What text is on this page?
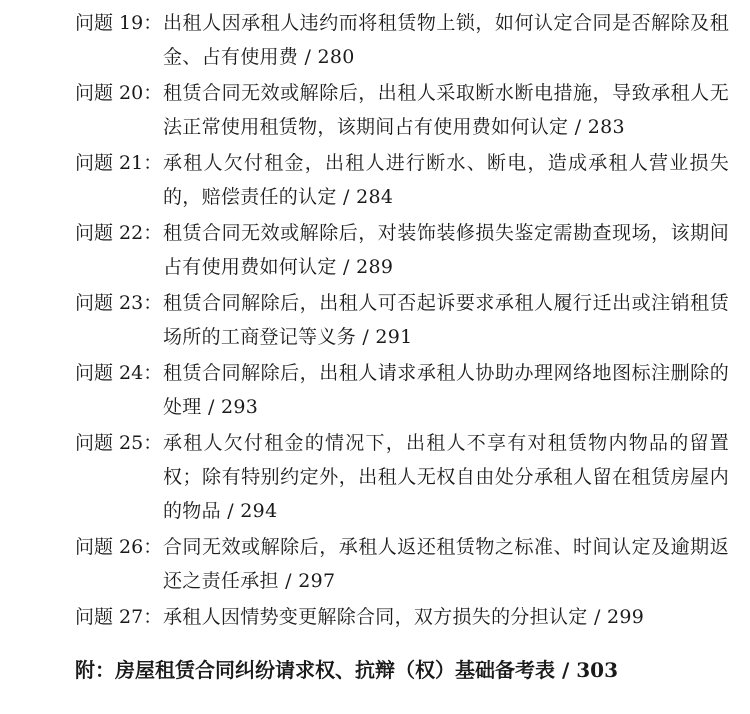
问题 19： 出租人因承租人违约而将租赁物上锁，如何认定合同是否解除及租金、占有使用费 / 280
问题 20： 租赁合同无效或解除后，出租人采取断水断电措施，导致承租人无法正常使用租赁物，该期间占有使用费如何认定 / 283
问题 21： 承租人欠付租金，出租人进行断水、断电，造成承租人营业损失的，赔偿责任的认定 / 284
问题 22： 租赁合同无效或解除后，对装饰装修损失鉴定需勘查现场，该期间占有使用费如何认定 / 289
问题 23： 租赁合同解除后，出租人可否起诉要求承租人履行迁出或注销租赁场所的工商登记等义务 / 291
问题 24： 租赁合同解除后，出租人请求承租人协助办理网络地图标注删除的处理 / 293
问题 25： 承租人欠付租金的情况下，出租人不享有对租赁物内物品的留置权；除有特别约定外，出租人无权自由处分承租人留在租赁房屋内的物品 / 294
问题 26： 合同无效或解除后，承租人返还租赁物之标准、时间认定及逾期返还之责任承担 / 297
问题 27： 承租人因情势变更解除合同，双方损失的分担认定 / 299
附：房屋租赁合同纠纷请求权、抗辩（权）基础备考表 / 303
